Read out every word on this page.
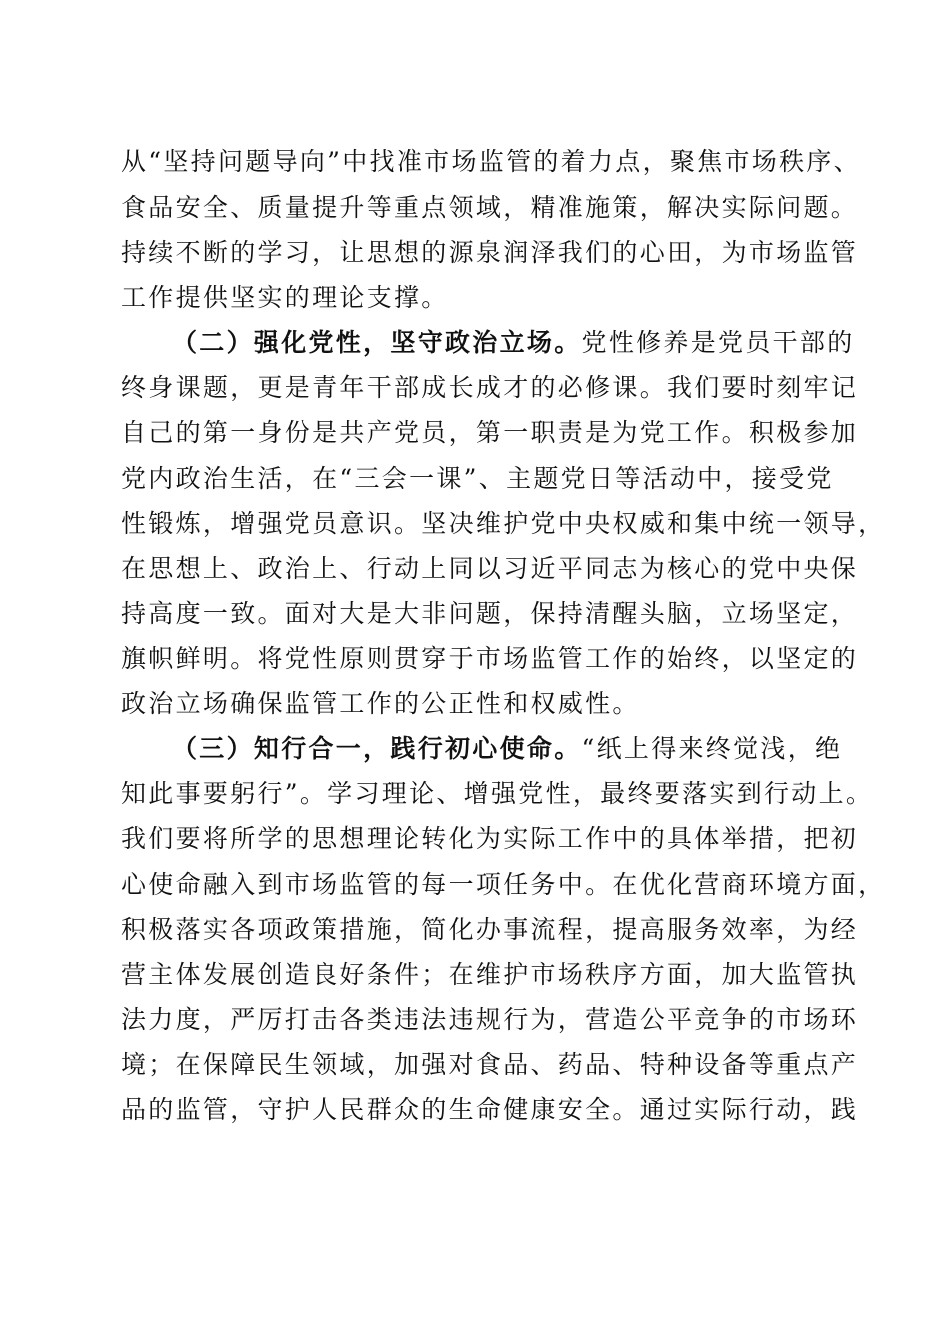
从“坚持问题导向”中找准市场监管的着力点，聚焦市场秩序、
食品安全、质量提升等重点领域，精准施策，解决实际问题。
持续不断的学习，让思想的源泉润泽我们的心田，为市场监管
工作提供坚实的理论支撑。
（二）强化党性，坚守政治立场。党性修养是党员干部的
终身课题，更是青年干部成长成才的必修课。我们要时刻牢记
自己的第一身份是共产党员，第一职责是为党工作。积极参加
党内政治生活，在“三会一课”、主题党日等活动中，接受党
性锻炼，增强党员意识。坚决维护党中央权威和集中统一领导，
在思想上、政治上、行动上同以习近平同志为核心的党中央保
持高度一致。面对大是大非问题，保持清醒头脑，立场坚定，
旗帜鲜明。将党性原则贯穿于市场监管工作的始终，以坚定的
政治立场确保监管工作的公正性和权威性。
（三）知行合一，践行初心使命。“纸上得来终觉浅，绝
知此事要躬行”。学习理论、增强党性，最终要落实到行动上。
我们要将所学的思想理论转化为实际工作中的具体举措，把初
心使命融入到市场监管的每一项任务中。在优化营商环境方面，
积极落实各项政策措施，简化办事流程，提高服务效率，为经
营主体发展创造良好条件；在维护市场秩序方面，加大监管执
法力度，严厉打击各类违法违规行为，营造公平竞争的市场环
境；在保障民生领域，加强对食品、药品、特种设备等重点产
品的监管，守护人民群众的生命健康安全。通过实际行动，践
